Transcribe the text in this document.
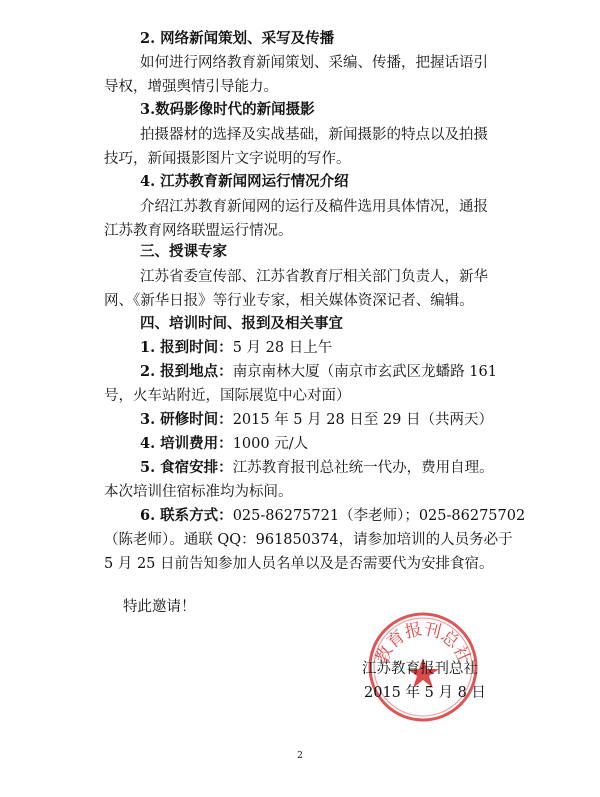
2. 网络新闻策划、采写及传播
如何进行网络教育新闻策划、采编、传播，把握话语引
导权，增强舆情引导能力。
3.数码影像时代的新闻摄影
拍摄器材的选择及实战基础，新闻摄影的特点以及拍摄
技巧，新闻摄影图片文字说明的写作。
4. 江苏教育新闻网运行情况介绍
介绍江苏教育新闻网的运行及稿件选用具体情况，通报
江苏教育网络联盟运行情况。
三、授课专家
江苏省委宣传部、江苏省教育厅相关部门负责人，新华
网、《新华日报》等行业专家，相关媒体资深记者、编辑。
四、培训时间、报到及相关事宜
1. 报到时间：5 月 28 日上午
2. 报到地点：南京南林大厦（南京市玄武区龙蟠路 161
号，火车站附近，国际展览中心对面）
3. 研修时间：2015 年 5 月 28 日至 29 日（共两天）
4. 培训费用：1000 元/人
5. 食宿安排：江苏教育报刊总社统一代办，费用自理。
本次培训住宿标准均为标间。
6. 联系方式：025-86275721（李老师）；025-86275702
（陈老师）。通联 QQ：961850374，请参加培训的人员务必于
5 月 25 日前告知参加人员名单以及是否需要代为安排食宿。
特此邀请！
教育报刊总社
江苏教育报刊总社
2015 年 5 月 8 日
2
